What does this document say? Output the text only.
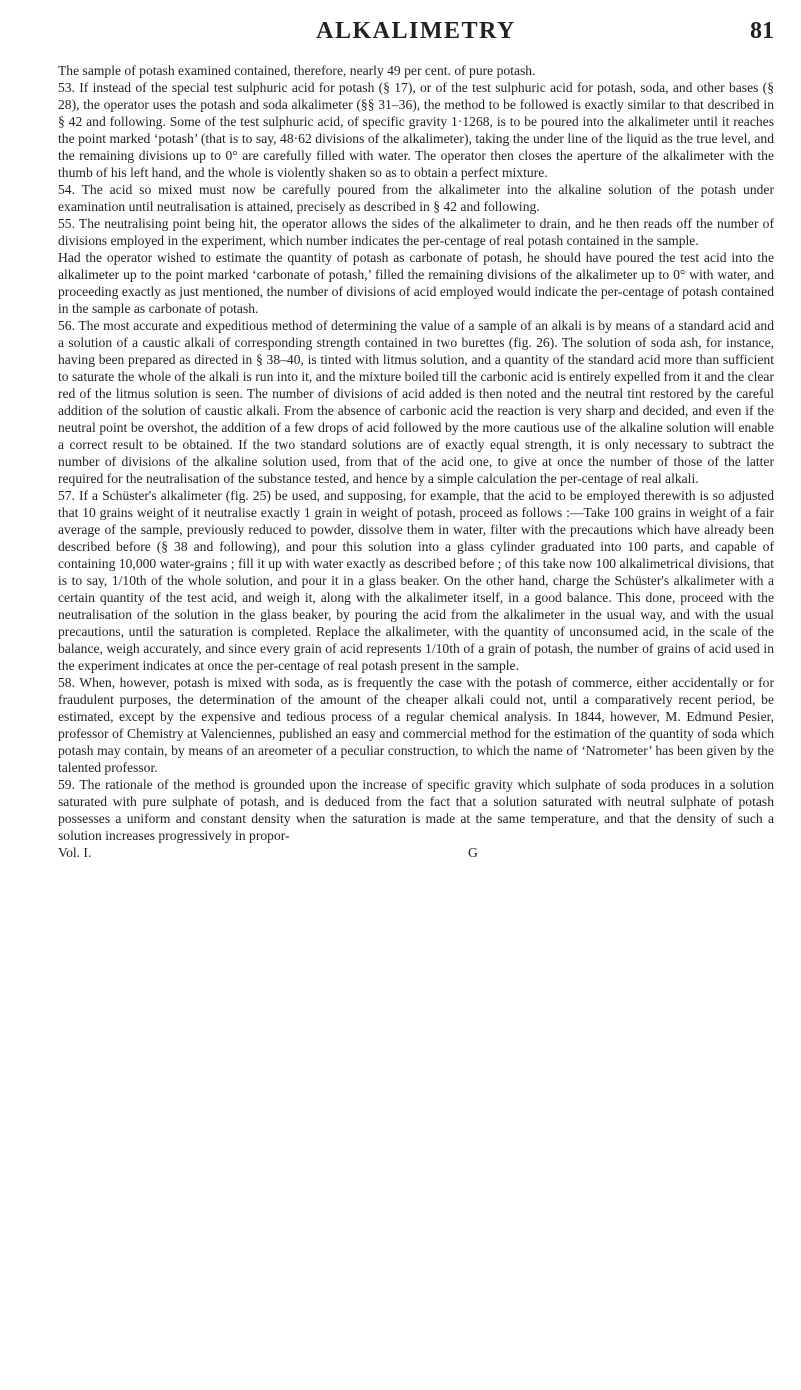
ALKALIMETRY	81

The sample of potash examined contained, therefore, nearly 49 per cent. of pure potash.

53. If instead of the special test sulphuric acid for potash (§ 17), or of the test sulphuric acid for potash, soda, and other bases (§ 28), the operator uses the potash and soda alkalimeter (§§ 31–36), the method to be followed is exactly similar to that described in § 42 and following. Some of the test sulphuric acid, of specific gravity 1·1268, is to be poured into the alkalimeter until it reaches the point marked ‘potash’ (that is to say, 48·62 divisions of the alkalimeter), taking the under line of the liquid as the true level, and the remaining divisions up to 0° are carefully filled with water. The operator then closes the aperture of the alkalimeter with the thumb of his left hand, and the whole is violently shaken so as to obtain a perfect mixture.

54. The acid so mixed must now be carefully poured from the alkalimeter into the alkaline solution of the potash under examination until neutralisation is attained, precisely as described in § 42 and following.

55. The neutralising point being hit, the operator allows the sides of the alkalimeter to drain, and he then reads off the number of divisions employed in the experiment, which number indicates the per-centage of real potash contained in the sample.

Had the operator wished to estimate the quantity of potash as carbonate of potash, he should have poured the test acid into the alkalimeter up to the point marked ‘carbonate of potash,’ filled the remaining divisions of the alkalimeter up to 0° with water, and proceeding exactly as just mentioned, the number of divisions of acid employed would indicate the per-centage of potash contained in the sample as carbonate of potash.

56. The most accurate and expeditious method of determining the value of a sample of an alkali is by means of a standard acid and a solution of a caustic alkali of corresponding strength contained in two burettes (fig. 26). The solution of soda ash, for instance, having been prepared as directed in § 38–40, is tinted with litmus solution, and a quantity of the standard acid more than sufficient to saturate the whole of the alkali is run into it, and the mixture boiled till the carbonic acid is entirely expelled from it and the clear red of the litmus solution is seen. The number of divisions of acid added is then noted and the neutral tint restored by the careful addition of the solution of caustic alkali. From the absence of carbonic acid the reaction is very sharp and decided, and even if the neutral point be overshot, the addition of a few drops of acid followed by the more cautious use of the alkaline solution will enable a correct result to be obtained. If the two standard solutions are of exactly equal strength, it is only necessary to subtract the number of divisions of the alkaline solution used, from that of the acid one, to give at once the number of those of the latter required for the neutralisation of the substance tested, and hence by a simple calculation the per-centage of real alkali.

57. If a Schüster's alkalimeter (fig. 25) be used, and supposing, for example, that the acid to be employed therewith is so adjusted that 10 grains weight of it neutralise exactly 1 grain in weight of potash, proceed as follows :—Take 100 grains in weight of a fair average of the sample, previously reduced to powder, dissolve them in water, filter with the precautions which have already been described before (§ 38 and following), and pour this solution into a glass cylinder graduated into 100 parts, and capable of containing 10,000 water-grains ; fill it up with water exactly as described before ; of this take now 100 alkalimetrical divisions, that is to say, 1/10th of the whole solution, and pour it in a glass beaker. On the other hand, charge the Schüster's alkalimeter with a certain quantity of the test acid, and weigh it, along with the alkalimeter itself, in a good balance. This done, proceed with the neutralisation of the solution in the glass beaker, by pouring the acid from the alkalimeter in the usual way, and with the usual precautions, until the saturation is completed. Replace the alkalimeter, with the quantity of unconsumed acid, in the scale of the balance, weigh accurately, and since every grain of acid represents 1/10th of a grain of potash, the number of grains of acid used in the experiment indicates at once the per-centage of real potash present in the sample.

58. When, however, potash is mixed with soda, as is frequently the case with the potash of commerce, either accidentally or for fraudulent purposes, the determination of the amount of the cheaper alkali could not, until a comparatively recent period, be estimated, except by the expensive and tedious process of a regular chemical analysis. In 1844, however, M. Edmund Pesier, professor of Chemistry at Valenciennes, published an easy and commercial method for the estimation of the quantity of soda which potash may contain, by means of an areometer of a peculiar construction, to which the name of ‘Natrometer’ has been given by the talented professor.

59. The rationale of the method is grounded upon the increase of specific gravity which sulphate of soda produces in a solution saturated with pure sulphate of potash, and is deduced from the fact that a solution saturated with neutral sulphate of potash possesses a uniform and constant density when the saturation is made at the same temperature, and that the density of such a solution increases progressively in propor-

Vol. I.	G
